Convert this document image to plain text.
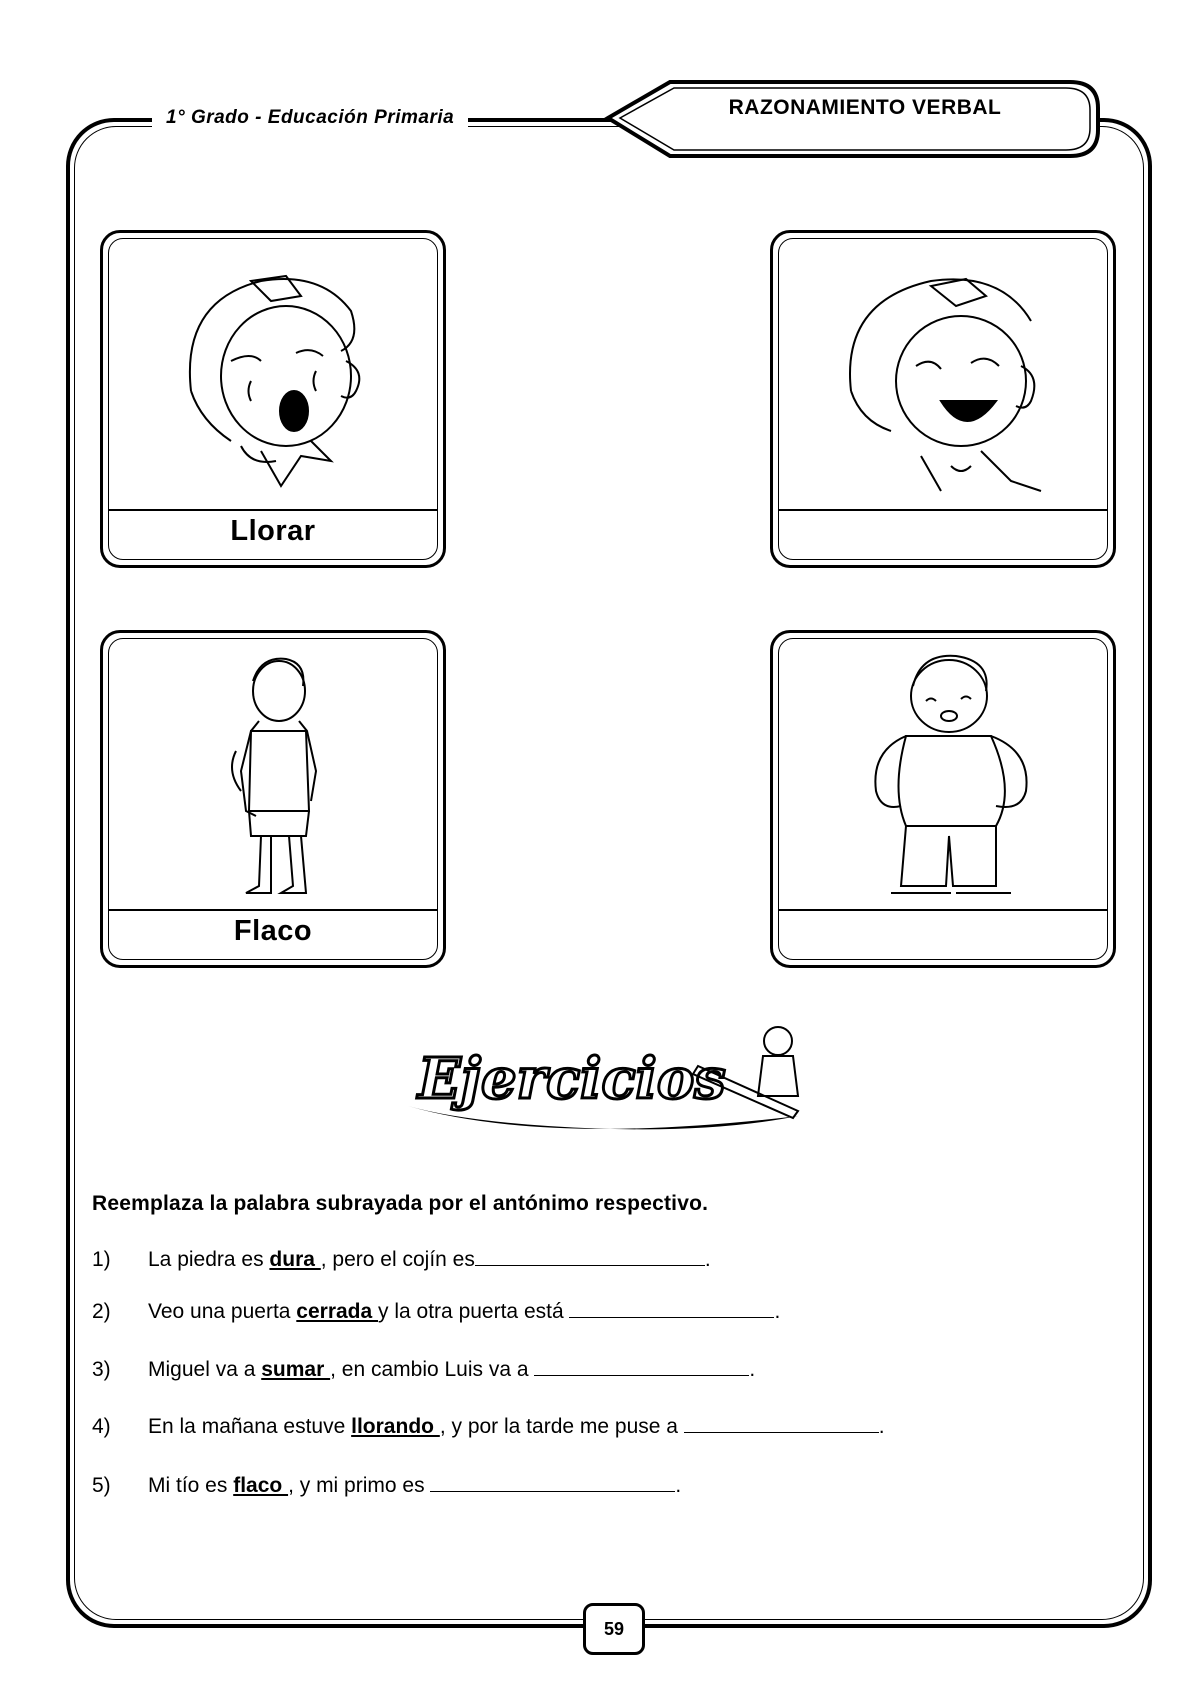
1° Grado - Educación Primaria	RAZONAMIENTO VERBAL
Llorar
Flaco
Ejercicios
Reemplaza la palabra subrayada por el antónimo respectivo.
1) La piedra es dura , pero el cojín es	.
2) Veo una puerta cerrada y la otra puerta está	.
3) Miguel va a sumar , en cambio Luis va a	.
4) En la mañana estuve llorando , y por la tarde me puse a	.
5) Mi tío es flaco , y mi primo es	.
59
